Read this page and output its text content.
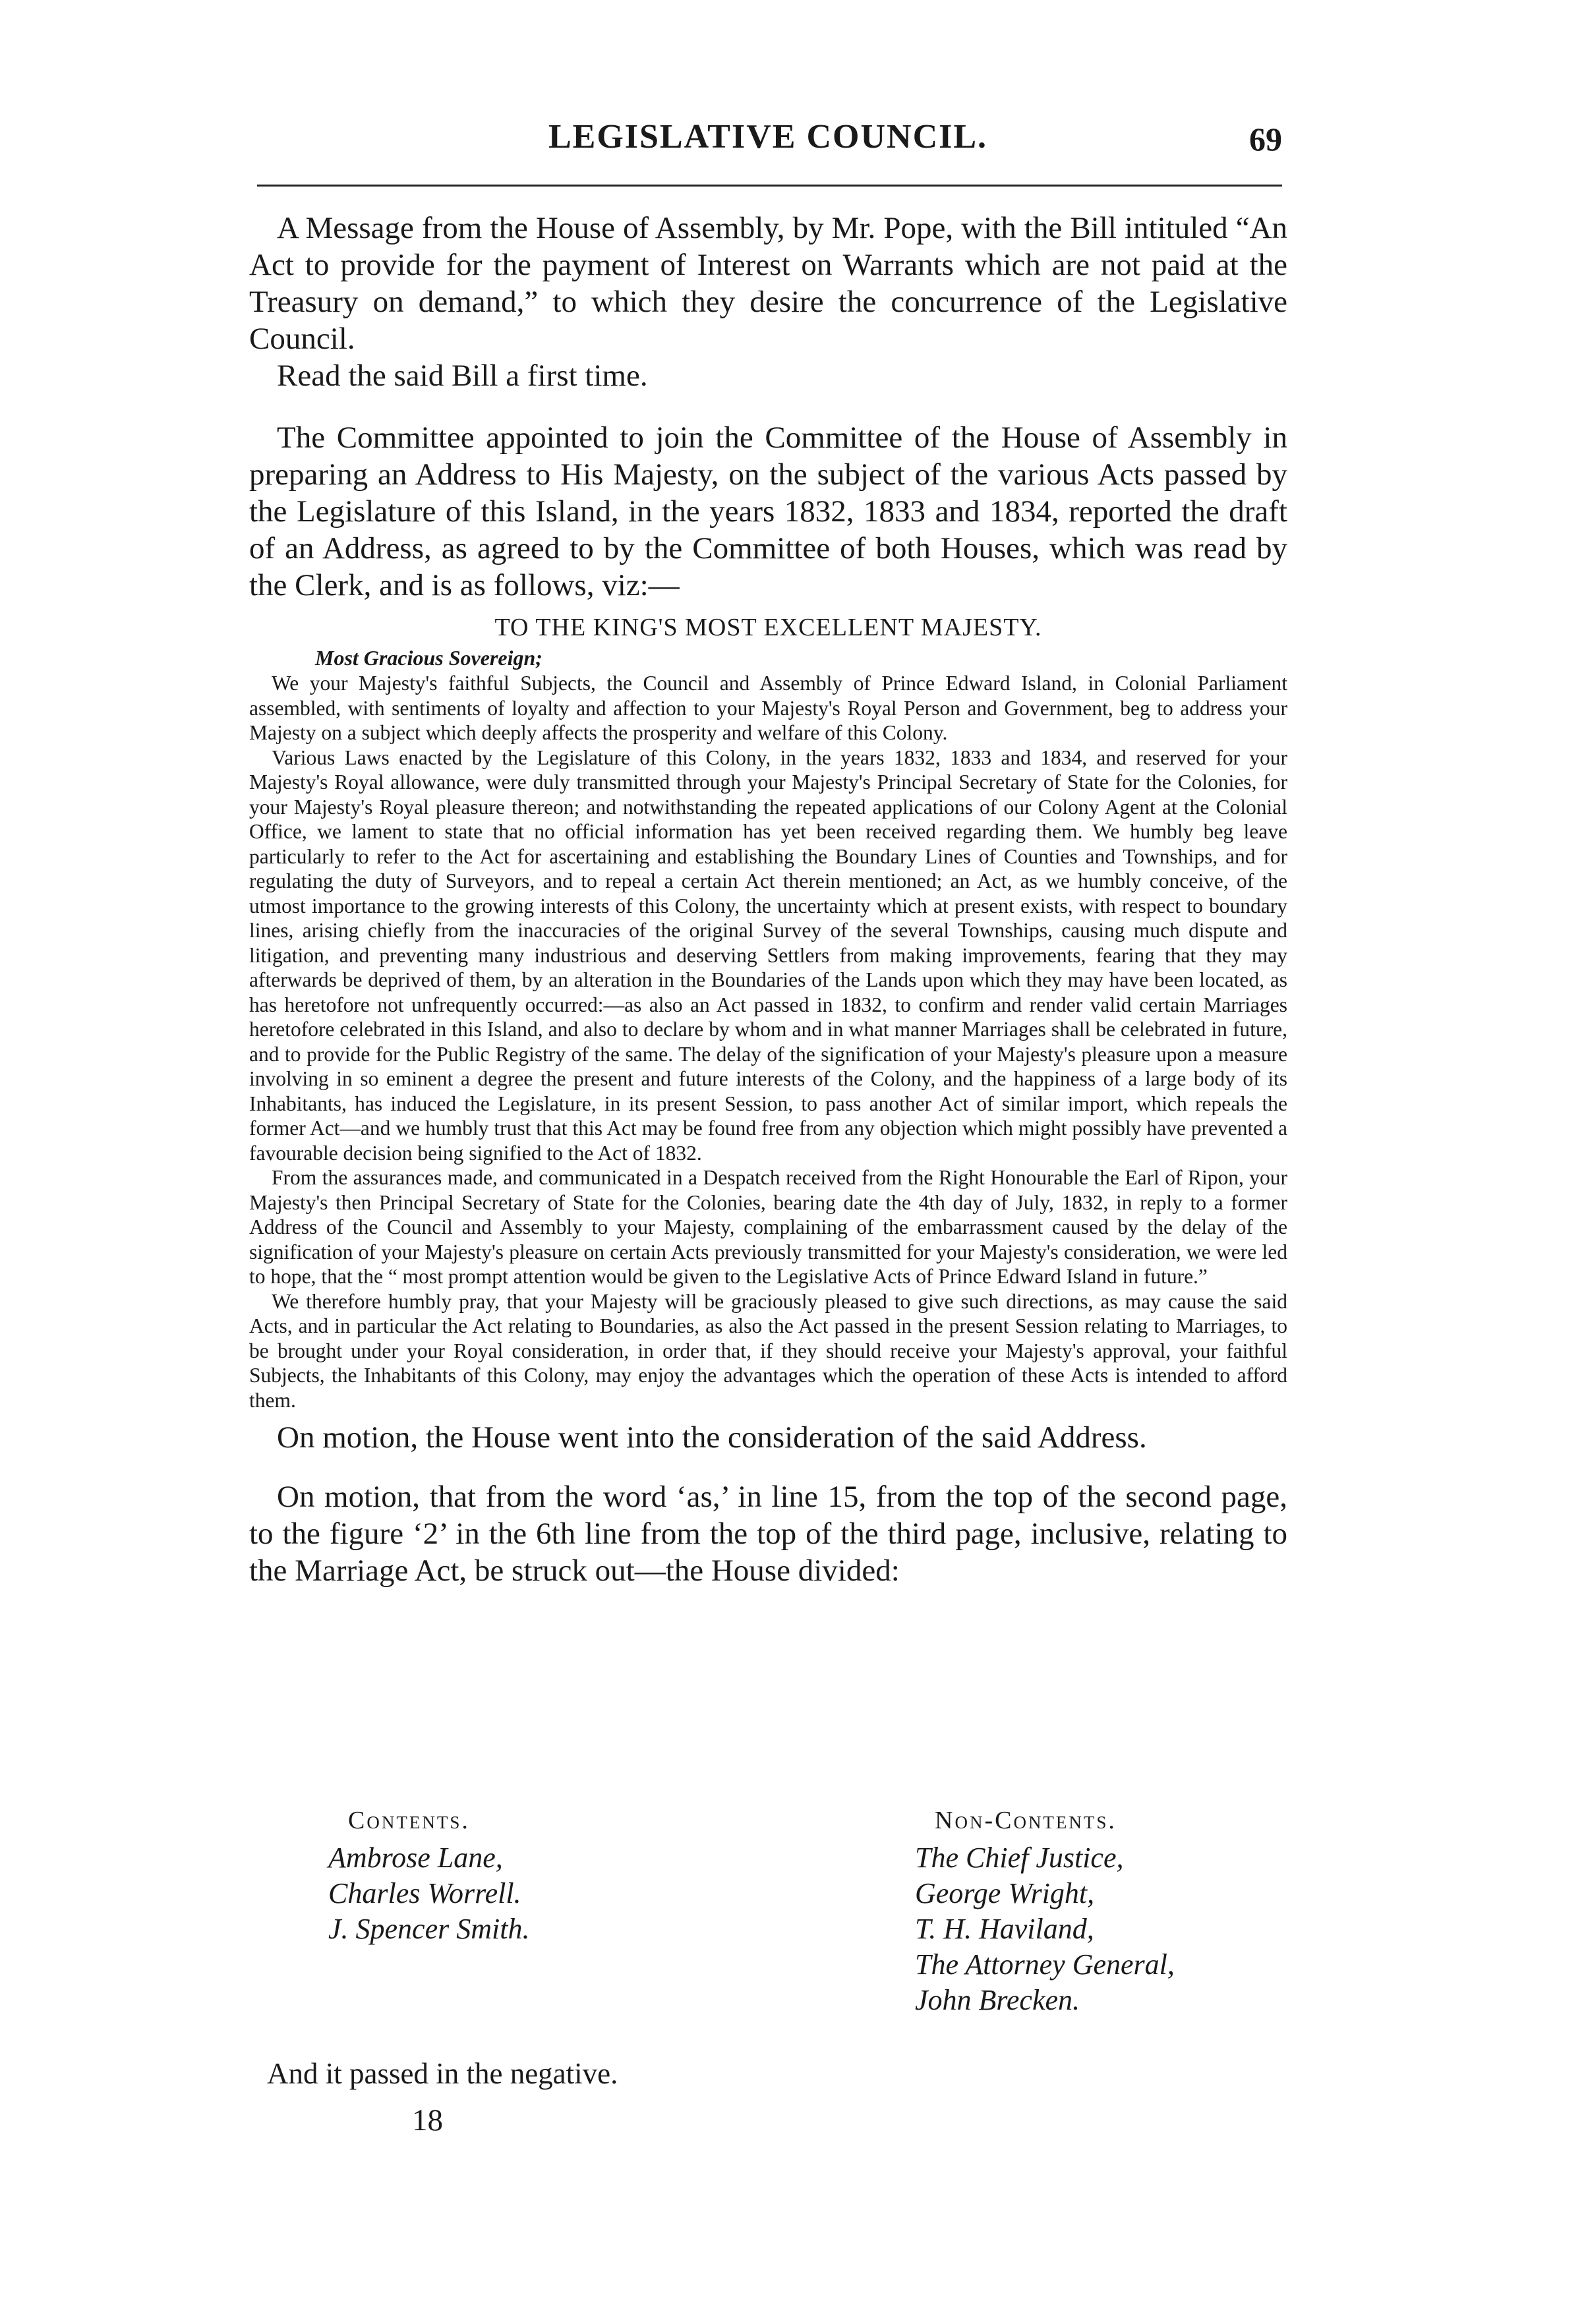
LEGISLATIVE COUNCIL.	69

A Message from the House of Assembly, by Mr. Pope, with the Bill intituled “An Act to provide for the payment of Interest on Warrants which are not paid at the Treasury on demand,” to which they desire the concurrence of the Legislative Council.

Read the said Bill a first time.

The Committee appointed to join the Committee of the House of Assembly in preparing an Address to His Majesty, on the subject of the various Acts passed by the Legislature of this Island, in the years 1832, 1833 and 1834, reported the draft of an Address, as agreed to by the Committee of both Houses, which was read by the Clerk, and is as follows, viz:—

TO THE KING'S MOST EXCELLENT MAJESTY.

Most Gracious Sovereign;

We your Majesty's faithful Subjects, the Council and Assembly of Prince Edward Island, in Colonial Parliament assembled, with sentiments of loyalty and affection to your Majesty's Royal Person and Government, beg to address your Majesty on a subject which deeply affects the prosperity and welfare of this Colony.

Various Laws enacted by the Legislature of this Colony, in the years 1832, 1833 and 1834, and reserved for your Majesty's Royal allowance, were duly transmitted through your Majesty's Principal Secretary of State for the Colonies, for your Majesty's Royal pleasure thereon; and notwithstanding the repeated applications of our Colony Agent at the Colonial Office, we lament to state that no official information has yet been received regarding them. We humbly beg leave particularly to refer to the Act for ascertaining and establishing the Boundary Lines of Counties and Townships, and for regulating the duty of Surveyors, and to repeal a certain Act therein mentioned; an Act, as we humbly conceive, of the utmost importance to the growing interests of this Colony, the uncertainty which at present exists, with respect to boundary lines, arising chiefly from the inaccuracies of the original Survey of the several Townships, causing much dispute and litigation, and preventing many industrious and deserving Settlers from making improvements, fearing that they may afterwards be deprived of them, by an alteration in the Boundaries of the Lands upon which they may have been located, as has heretofore not unfrequently occurred:—as also an Act passed in 1832, to confirm and render valid certain Marriages heretofore celebrated in this Island, and also to declare by whom and in what manner Marriages shall be celebrated in future, and to provide for the Public Registry of the same. The delay of the signification of your Majesty's pleasure upon a measure involving in so eminent a degree the present and future interests of the Colony, and the happiness of a large body of its Inhabitants, has induced the Legislature, in its present Session, to pass another Act of similar import, which repeals the former Act—and we humbly trust that this Act may be found free from any objection which might possibly have prevented a favourable decision being signified to the Act of 1832.

From the assurances made, and communicated in a Despatch received from the Right Honourable the Earl of Ripon, your Majesty's then Principal Secretary of State for the Colonies, bearing date the 4th day of July, 1832, in reply to a former Address of the Council and Assembly to your Majesty, complaining of the embarrassment caused by the delay of the signification of your Majesty's pleasure on certain Acts previously transmitted for your Majesty's consideration, we were led to hope, that the “ most prompt attention would be given to the Legislative Acts of Prince Edward Island in future.”

We therefore humbly pray, that your Majesty will be graciously pleased to give such directions, as may cause the said Acts, and in particular the Act relating to Boundaries, as also the Act passed in the present Session relating to Marriages, to be brought under your Royal consideration, in order that, if they should receive your Majesty's approval, your faithful Subjects, the Inhabitants of this Colony, may enjoy the advantages which the operation of these Acts is intended to afford them.

On motion, the House went into the consideration of the said Address.

On motion, that from the word ‘as,’ in line 15, from the top of the second page, to the figure ‘2’ in the 6th line from the top of the third page, inclusive, relating to the Marriage Act, be struck out—the House divided:

Contents.

Ambrose Lane,

Charles Worrell.

J. Spencer Smith.

Non-Contents.

The Chief Justice,

George Wright,

T. H. Haviland,

The Attorney General,

John Brecken.

And it passed in the negative.
18
